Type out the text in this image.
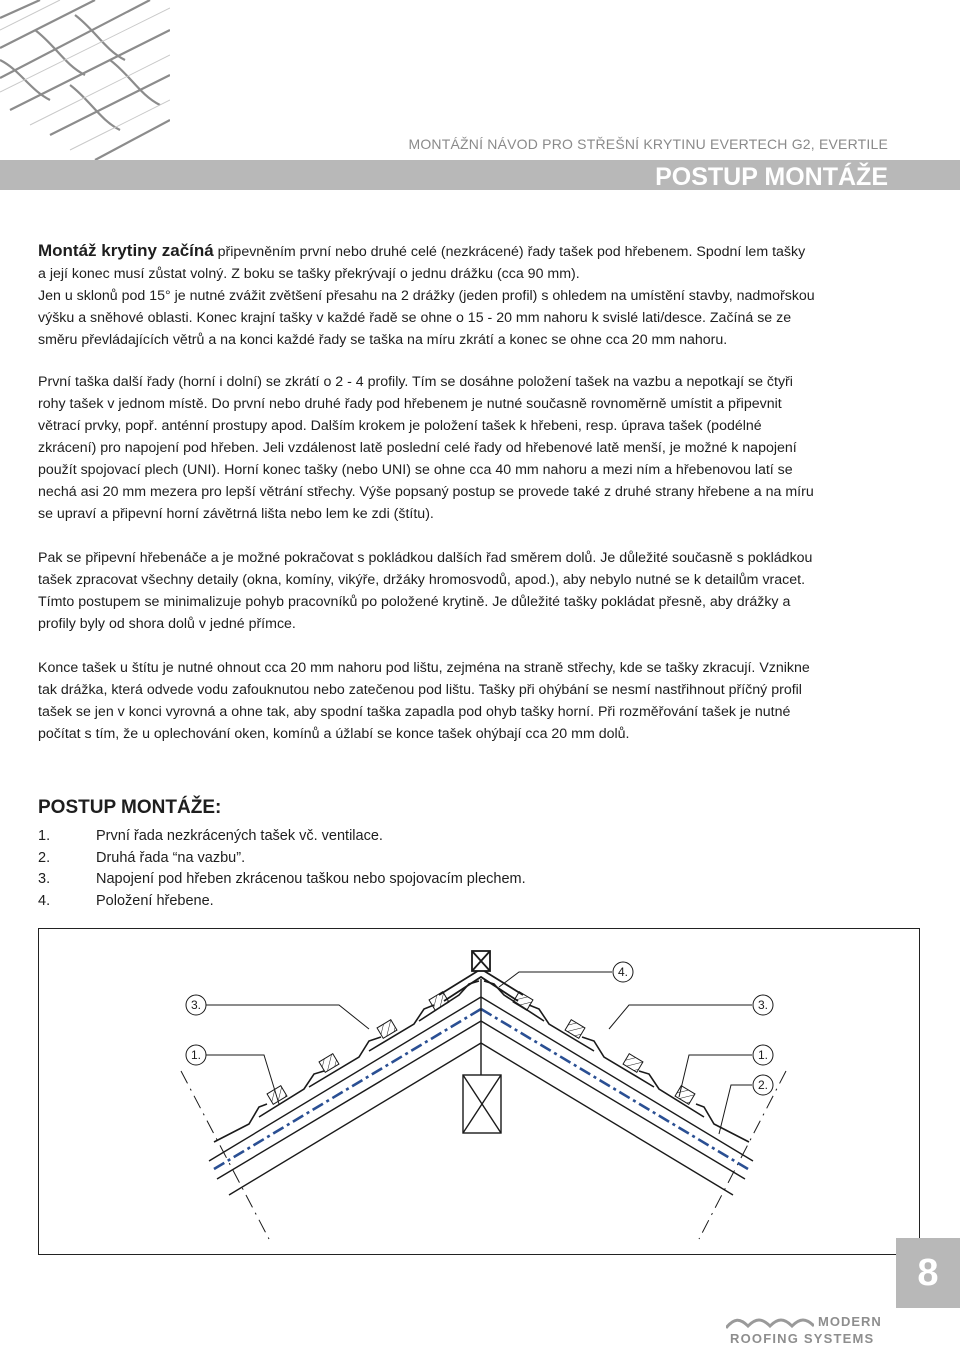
MONTÁŽNÍ NÁVOD PRO STŘEŠNÍ KRYTINU EVERTECH G2, EVERTILE

POSTUP MONTÁŽE

Montáž krytiny začíná připevněním první nebo druhé celé (nezkrácené) řady tašek pod hřebenem. Spodní lem tašky
a její konec musí zůstat volný. Z boku se tašky překrývají o jednu drážku (cca 90 mm).
Jen u sklonů pod 15° je nutné zvážit zvětšení přesahu na 2 drážky (jeden profil) s ohledem na umístění stavby, nadmořskou
výšku a sněhové oblasti. Konec krajní tašky v každé řadě se ohne o 15 - 20 mm nahoru k svislé lati/desce. Začíná se ze
směru převládajících větrů a na konci každé řady se taška na míru zkrátí a konec se ohne cca 20 mm nahoru.

První taška další řady (horní i dolní) se zkrátí o 2 - 4 profily. Tím se dosáhne položení tašek na vazbu a nepotkají se čtyři
rohy tašek v jednom místě. Do první nebo druhé řady pod hřebenem je nutné současně rovnoměrně umístit a připevnit
větrací prvky, popř. anténní prostupy apod. Dalším krokem je položení tašek k hřebeni, resp. úprava tašek (podélné
zkrácení) pro napojení pod hřeben. Jeli vzdálenost latě poslední celé řady od hřebenové latě menší, je možné k napojení
použít spojovací plech (UNI). Horní konec tašky (nebo UNI) se ohne cca 40 mm nahoru a mezi ním a hřebenovou latí se
nechá asi 20 mm mezera pro lepší větrání střechy. Výše popsaný postup se provede také z druhé strany hřebene a na míru
se upraví a připevní horní závětrná lišta nebo lem ke zdi (štítu).

Pak se připevní hřebenáče a je možné pokračovat s pokládkou dalších řad směrem dolů. Je důležité současně s pokládkou
tašek zpracovat všechny detaily (okna, komíny, vikýře, držáky hromosvodů, apod.), aby nebylo nutné se k detailům vracet.
Tímto postupem se minimalizuje pohyb pracovníků po položené krytině. Je důležité tašky pokládat přesně, aby drážky a
profily byly od shora dolů v jedné přímce.

Konce tašek u štítu je nutné ohnout cca 20 mm nahoru pod lištu, zejména na straně střechy, kde se tašky zkracují. Vznikne
tak drážka, která odvede vodu zafouknutou nebo zatečenou pod lištu. Tašky při ohýbání se nesmí nastřihnout příčný profil
tašek se jen v konci vyrovná a ohne tak, aby spodní taška zapadla pod ohyb tašky horní. Při rozměřování tašek je nutné
počítat s tím, že u oplechování oken, komínů a úžlabí se konce tašek ohýbají cca 20 mm dolů.

POSTUP MONTÁŽE:
1.	První řada nezkrácených tašek vč. ventilace.
2.	Druhá řada “na vazbu”.
3.	Napojení pod hřeben zkrácenou taškou nebo spojovacím plechem.
4.	Položení hřebene.
3.
1.
4.
3.
1.
2.
8
MODERN
ROOFING SYSTEMS
